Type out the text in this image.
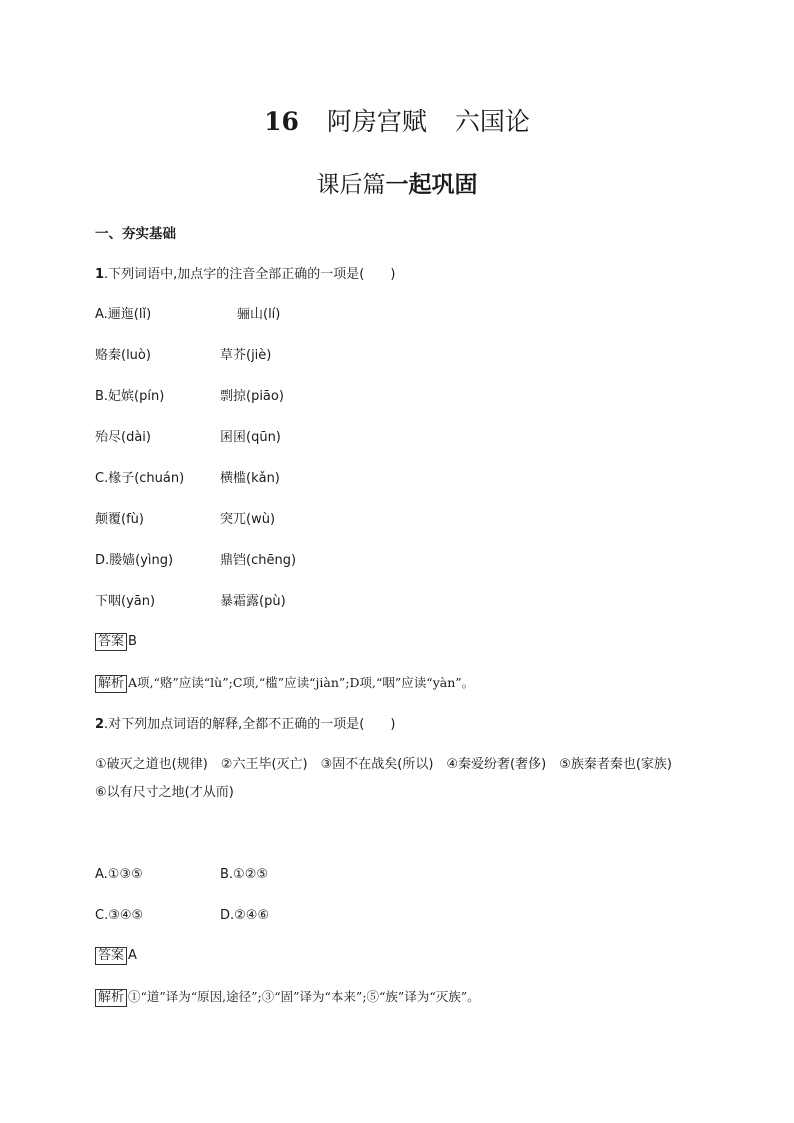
16 阿房宫赋 六国论
课后篇一起巩固
一、夯实基础
1.下列词语中,加点字的注音全部正确的一项是(　　)
A.逦迤(lǐ)	骊山(lí)
赂秦(luò)	草芥(jiè)
B.妃嫔(pín)	剽掠(piāo)
殆尽(dài)	囷囷(qūn)
C.椽子(chuán)	横槛(kǎn)
颠覆(fù)	突兀(wù)
D.媵嫱(yìng)	鼎铛(chēng)
下咽(yān)	暴霜露(pù)
答案 B
解析 A项,“赂”应读“lù”;C项,“槛”应读“jiàn”;D项,“咽”应读“yàn”。
2.对下列加点词语的解释,全都不正确的一项是(　　)
①破灭之道也(规律)　②六王毕(灭亡)　③固不在战矣(所以)　④秦爱纷奢(奢侈)　⑤族秦者秦也(家族)　⑥以有尺寸之地(才从而)
A.①③⑤	B.①②⑤
C.③④⑤	D.②④⑥
答案 A
解析 ①“道”译为“原因,途径”;③“固”译为“本来”;⑤“族”译为“灭族”。
